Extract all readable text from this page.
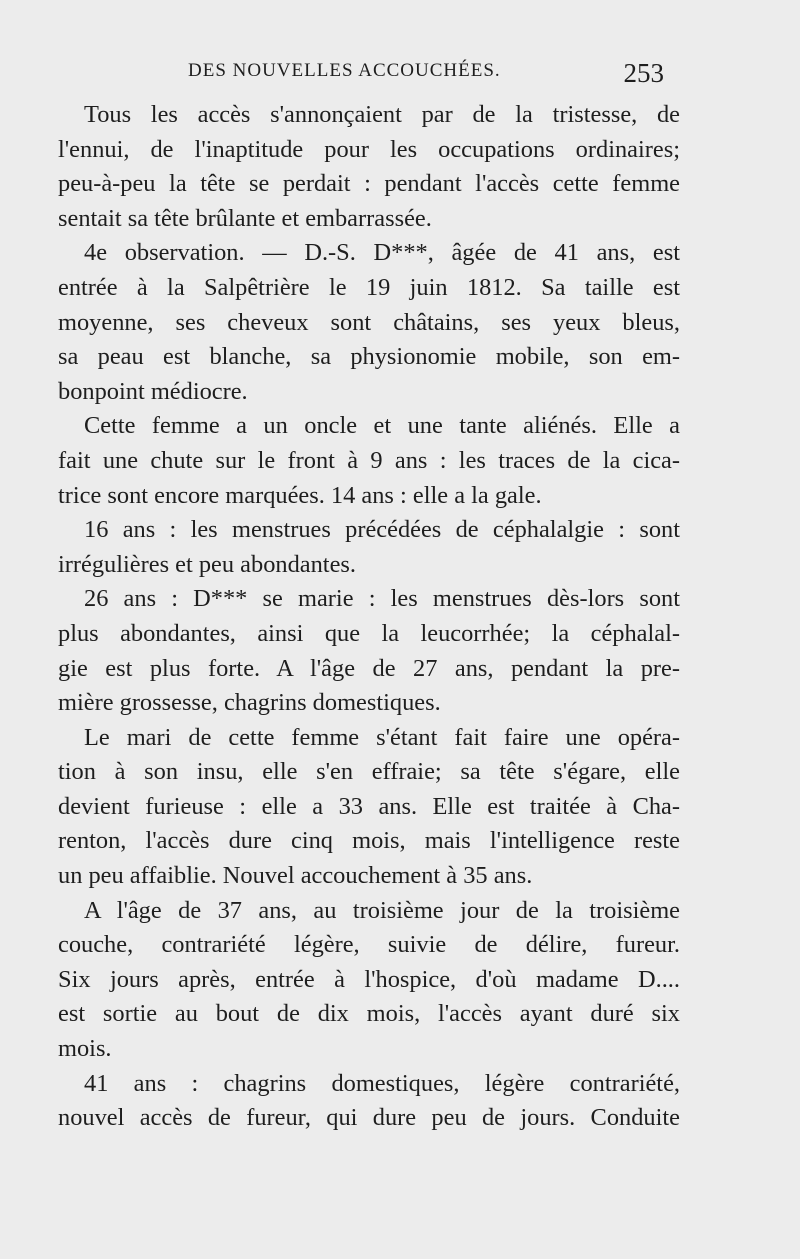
DES NOUVELLES ACCOUCHÉES.	253
Tous les accès s'annonçaient par de la tristesse, de
l'ennui, de l'inaptitude pour les occupations ordinaires;
peu-à-peu la tête se perdait : pendant l'accès cette femme
sentait sa tête brûlante et embarrassée.
4e observation. — D.-S. D***, âgée de 41 ans, est
entrée à la Salpêtrière le 19 juin 1812. Sa taille est
moyenne, ses cheveux sont châtains, ses yeux bleus,
sa peau est blanche, sa physionomie mobile, son em-
bonpoint médiocre.
Cette femme a un oncle et une tante aliénés. Elle a
fait une chute sur le front à 9 ans : les traces de la cica-
trice sont encore marquées. 14 ans : elle a la gale.
16 ans : les menstrues précédées de céphalalgie : sont
irrégulières et peu abondantes.
26 ans : D*** se marie : les menstrues dès-lors sont
plus abondantes, ainsi que la leucorrhée; la céphalal-
gie est plus forte. A l'âge de 27 ans, pendant la pre-
mière grossesse, chagrins domestiques.
Le mari de cette femme s'étant fait faire une opéra-
tion à son insu, elle s'en effraie; sa tête s'égare, elle
devient furieuse : elle a 33 ans. Elle est traitée à Cha-
renton, l'accès dure cinq mois, mais l'intelligence reste
un peu affaiblie. Nouvel accouchement à 35 ans.
A l'âge de 37 ans, au troisième jour de la troisième
couche, contrariété légère, suivie de délire, fureur.
Six jours après, entrée à l'hospice, d'où madame D....
est sortie au bout de dix mois, l'accès ayant duré six
mois.
41 ans : chagrins domestiques, légère contrariété,
nouvel accès de fureur, qui dure peu de jours. Conduite
